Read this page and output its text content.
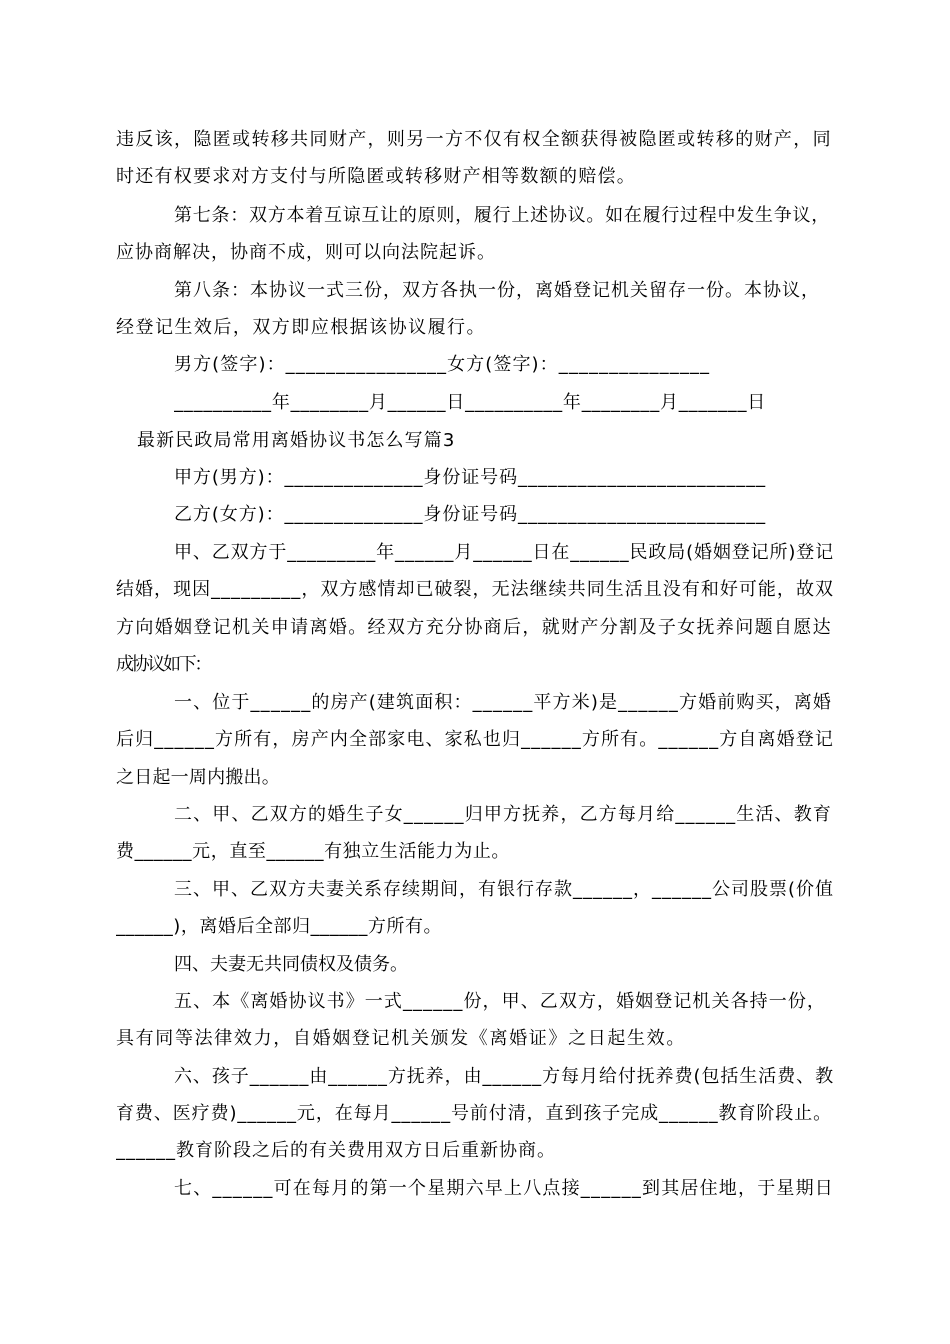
违反该，隐匿或转移共同财产，则另一方不仅有权全额获得被隐匿或转移的财产，同
时还有权要求对方支付与所隐匿或转移财产相等数额的赔偿。
第七条：双方本着互谅互让的原则，履行上述协议。如在履行过程中发生争议，
应协商解决，协商不成，则可以向法院起诉。
第八条：本协议一式三份，双方各执一份，离婚登记机关留存一份。本协议，
经登记生效后，双方即应根据该协议履行。
男方(签字)：________________女方(签字)：_______________
__________年________月______日__________年________月_______日
最新民政局常用离婚协议书怎么写篇3
甲方(男方)：______________身份证号码_________________________
乙方(女方)：______________身份证号码_________________________
甲、乙双方于_________年______月______日在______民政局(婚姻登记所)登记
结婚，现因_________，双方感情却已破裂，无法继续共同生活且没有和好可能，故双
方向婚姻登记机关申请离婚。经双方充分协商后，就财产分割及子女抚养问题自愿达
成协议如下：
一、位于______的房产(建筑面积：______平方米)是______方婚前购买，离婚
后归______方所有，房产内全部家电、家私也归______方所有。______方自离婚登记
之日起一周内搬出。
二、甲、乙双方的婚生子女______归甲方抚养，乙方每月给______生活、教育
费______元，直至______有独立生活能力为止。
三、甲、乙双方夫妻关系存续期间，有银行存款______，______公司股票(价值
______)，离婚后全部归______方所有。
四、夫妻无共同债权及债务。
五、本《离婚协议书》一式______份，甲、乙双方，婚姻登记机关各持一份，
具有同等法律效力，自婚姻登记机关颁发《离婚证》之日起生效。
六、孩子______由______方抚养，由______方每月给付抚养费(包括生活费、教
育费、医疗费)______元，在每月______号前付清，直到孩子完成______教育阶段止。
______教育阶段之后的有关费用双方日后重新协商。
七、______可在每月的第一个星期六早上八点接______到其居住地，于星期日
